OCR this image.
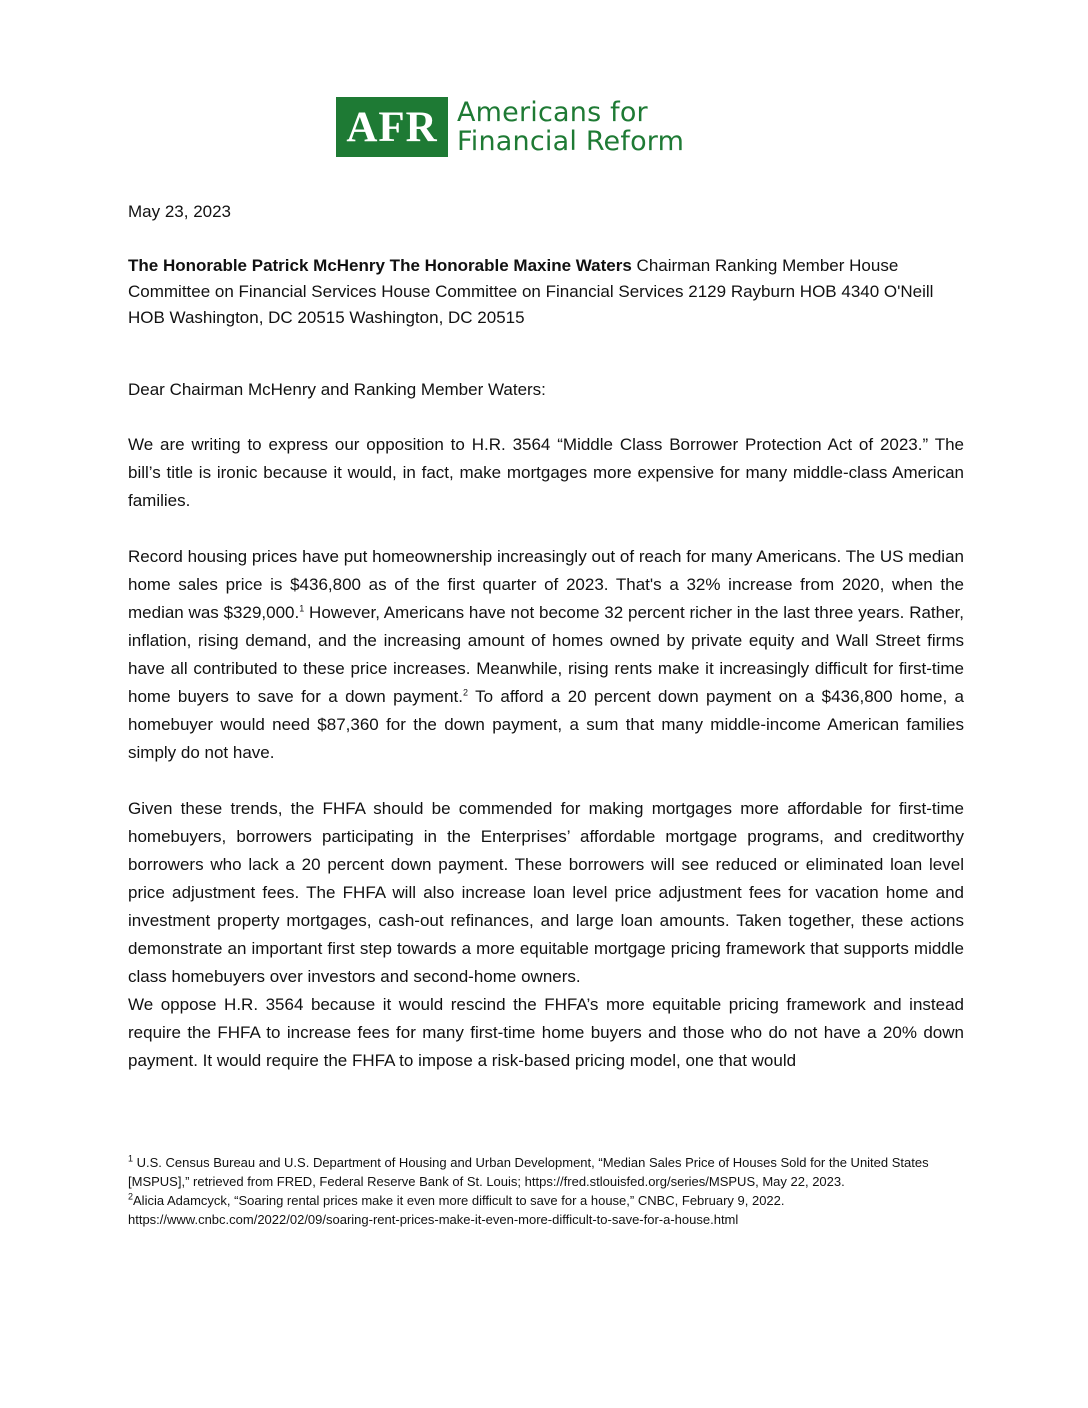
AFR Americans for
Financial Reform

May 23, 2023

The Honorable Patrick McHenry The Honorable Maxine Waters Chairman Ranking Member House Committee on Financial Services House Committee on Financial Services 2129 Rayburn HOB 4340 O'Neill HOB Washington, DC 20515 Washington, DC 20515

Dear Chairman McHenry and Ranking Member Waters:

We are writing to express our opposition to H.R. 3564 “Middle Class Borrower Protection Act of 2023.” The bill’s title is ironic because it would, in fact, make mortgages more expensive for many middle-class American families.

Record housing prices have put homeownership increasingly out of reach for many Americans. The US median home sales price is $436,800 as of the first quarter of 2023. That's a 32% increase from 2020, when the median was $329,000.$^1$ However, Americans have not become 32 percent richer in the last three years. Rather, inflation, rising demand, and the increasing amount of homes owned by private equity and Wall Street firms have all contributed to these price increases. Meanwhile, rising rents make it increasingly difficult for first-time home buyers to save for a down payment.$^2$ To afford a 20 percent down payment on a $436,800 home, a homebuyer would need $87,360 for the down payment, a sum that many middle-income American families simply do not have.

Given these trends, the FHFA should be commended for making mortgages more affordable for first-time homebuyers, borrowers participating in the Enterprises’ affordable mortgage programs, and creditworthy borrowers who lack a 20 percent down payment. These borrowers will see reduced or eliminated loan level price adjustment fees. The FHFA will also increase loan level price adjustment fees for vacation home and investment property mortgages, cash-out refinances, and large loan amounts. Taken together, these actions demonstrate an important first step towards a more equitable mortgage pricing framework that supports middle class homebuyers over investors and second-home owners.

We oppose H.R. 3564 because it would rescind the FHFA’s more equitable pricing framework and instead require the FHFA to increase fees for many first-time home buyers and those who do not have a 20% down payment. It would require the FHFA to impose a risk-based pricing model, one that would

$^1$ U.S. Census Bureau and U.S. Department of Housing and Urban Development, “Median Sales Price of Houses Sold for the United States [MSPUS],” retrieved from FRED, Federal Reserve Bank of St. Louis; https://fred.stlouisfed.org/series/MSPUS, May 22, 2023.

$^2$Alicia Adamcyck, “Soaring rental prices make it even more difficult to save for a house,” CNBC, February 9, 2022.
https://www.cnbc.com/2022/02/09/soaring-rent-prices-make-it-even-more-difficult-to-save-for-a-house.html
